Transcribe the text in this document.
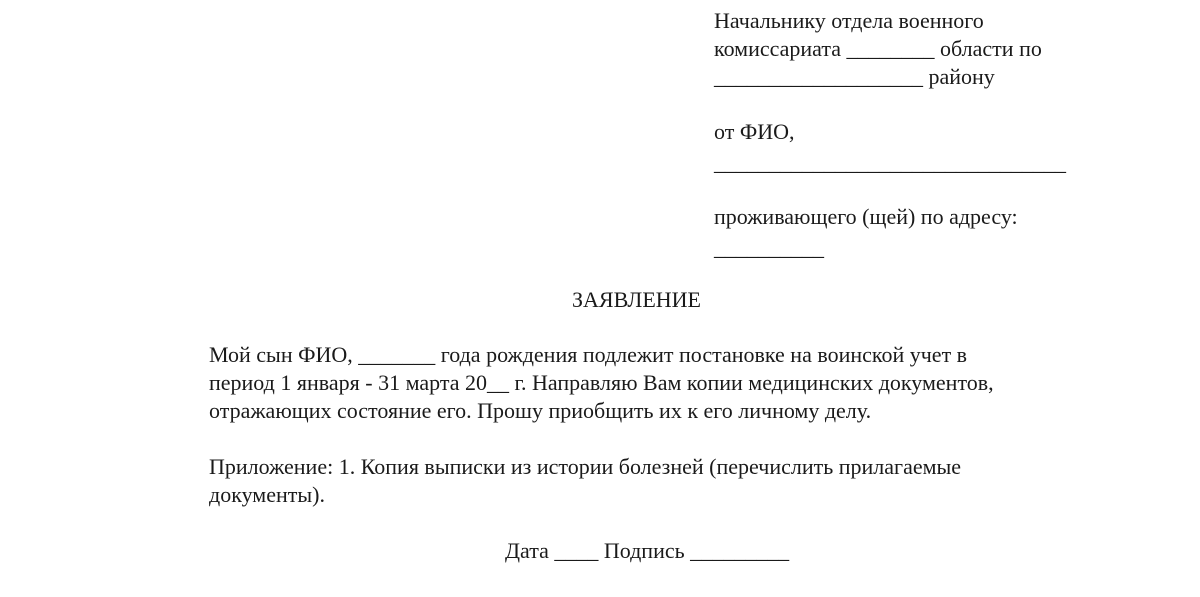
Начальнику отдела военного
комиссариата ________ области по
___________________ району
от ФИО,
________________________________
проживающего (щей) по адресу:
__________
ЗАЯВЛЕНИЕ
Мой сын ФИО, _______ года рождения подлежит постановке на воинской учет в
период 1 января - 31 марта 20__ г. Направляю Вам копии медицинских документов,
отражающих состояние его. Прошу приобщить их к его личному делу.
Приложение: 1. Копия выписки из истории болезней (перечислить прилагаемые
документы).
Дата ____ Подпись _________
